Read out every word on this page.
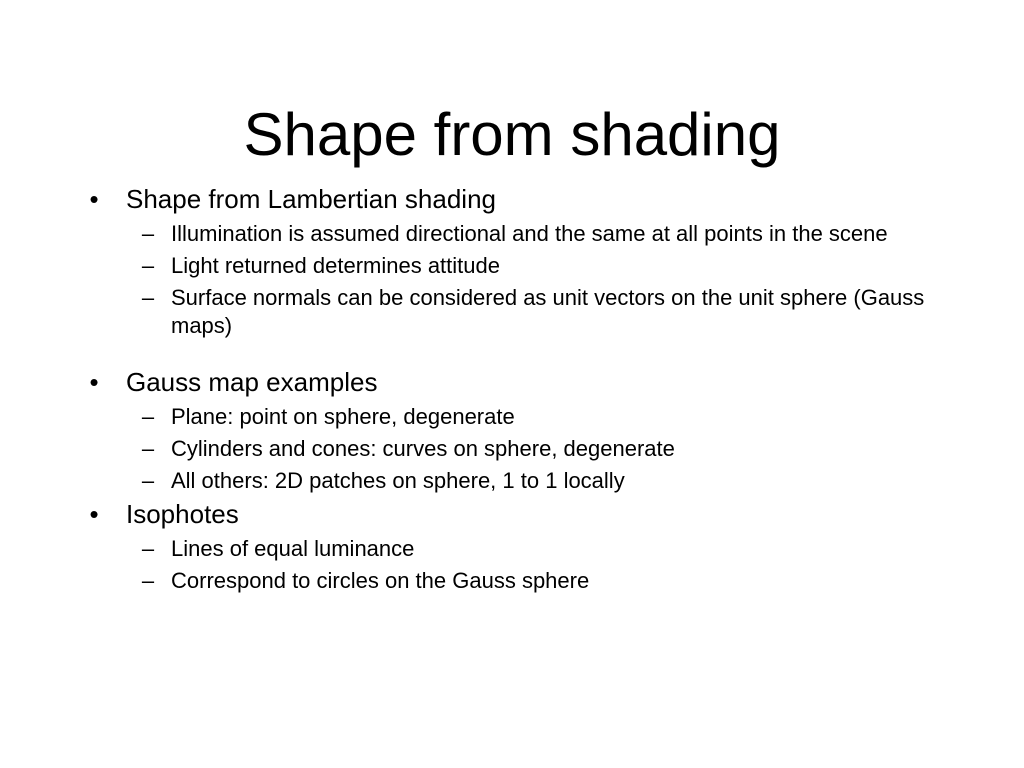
Shape from shading
• Shape from Lambertian shading
– Illumination is assumed directional and the same at all points in the scene
– Light returned determines attitude
– Surface normals can be considered as unit vectors on the unit sphere (Gauss maps)
• Gauss map examples
– Plane: point on sphere, degenerate
– Cylinders and cones: curves on sphere, degenerate
– All others: 2D patches on sphere, 1 to 1 locally
• Isophotes
– Lines of equal luminance
– Correspond to circles on the Gauss sphere
